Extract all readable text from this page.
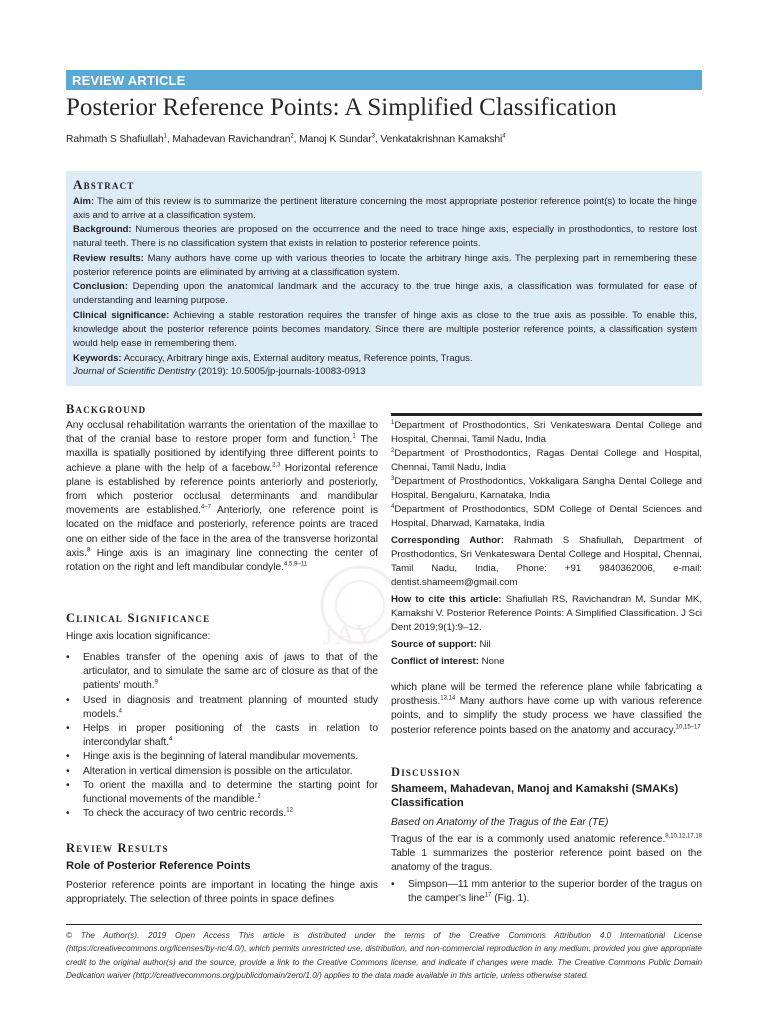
REVIEW ARTICLE
Posterior Reference Points: A Simplified Classification
Rahmath S Shafiullah$^1$, Mahadevan Ravichandran$^2$, Manoj K Sundar$^3$, Venkatakrishnan Kamakshi$^4$
Abstract

Aim: The aim of this review is to summarize the pertinent literature concerning the most appropriate posterior reference point(s) to locate the hinge axis and to arrive at a classification system.

Background: Numerous theories are proposed on the occurrence and the need to trace hinge axis, especially in prosthodontics, to restore lost natural teeth. There is no classification system that exists in relation to posterior reference points.

Review results: Many authors have come up with various theories to locate the arbitrary hinge axis. The perplexing part in remembering these posterior reference points are eliminated by arriving at a classification system.

Conclusion: Depending upon the anatomical landmark and the accuracy to the true hinge axis, a classification was formulated for ease of understanding and learning purpose.

Clinical significance: Achieving a stable restoration requires the transfer of hinge axis as close to the true axis as possible. To enable this, knowledge about the posterior reference points becomes mandatory. Since there are multiple posterior reference points, a classification system would help ease in remembering them.

Keywords: Accuracy, Arbitrary hinge axis, External auditory meatus, Reference points, Tragus.

Journal of Scientific Dentistry (2019): 10.5005/jp-journals-10083-0913

JAY
Background

Any occlusal rehabilitation warrants the orientation of the maxillae to that of the cranial base to restore proper form and function.$^1$ The maxilla is spatially positioned by identifying three different points to achieve a plane with the help of a facebow.$^{2,3}$ Horizontal reference plane is established by reference points anteriorly and posteriorly, from which posterior occlusal determinants and mandibular movements are established.$^{4-7}$ Anteriorly, one reference point is located on the midface and posteriorly, reference points are traced one on either side of the face in the area of the transverse horizontal axis.$^8$ Hinge axis is an imaginary line connecting the center of rotation on the right and left mandibular condyle.$^{4,5,9-11}$

Clinical Significance

Hinge axis location significance:

• Enables transfer of the opening axis of jaws to that of the articulator, and to simulate the same arc of closure as that of the patients' mouth.$^9$
• Used in diagnosis and treatment planning of mounted study models.$^4$
• Helps in proper positioning of the casts in relation to intercondylar shaft.$^4$
• Hinge axis is the beginning of lateral mandibular movements.
• Alteration in vertical dimension is possible on the articulator.
• To orient the maxilla and to determine the starting point for functional movements of the mandible.$^2$
• To check the accuracy of two centric records.$^{12}$
Review Results
Role of Posterior Reference Points

Posterior reference points are important in locating the hinge axis appropriately. The selection of three points in space defines

$^1$Department of Prosthodontics, Sri Venkateswara Dental College and Hospital, Chennai, Tamil Nadu, India

$^2$Department of Prosthodontics, Ragas Dental College and Hospital, Chennai, Tamil Nadu, India

$^3$Department of Prosthodontics, Vokkaligara Sangha Dental College and Hospital, Bengaluru, Karnataka, India

$^4$Department of Prosthodontics, SDM College of Dental Sciences and Hospital, Dharwad, Karnataka, India

Corresponding Author: Rahmath S Shafiullah, Department of Prosthodontics, Sri Venkateswara Dental College and Hospital, Chennai, Tamil Nadu, India, Phone: +91 9840362006, e-mail: dentist.shameem@gmail.com

How to cite this article: Shafiullah RS, Ravichandran M, Sundar MK, Kamakshi V. Posterior Reference Points: A Simplified Classification. J Sci Dent 2019;9(1):9–12.

Source of support: Nil

Conflict of interest: None

which plane will be termed the reference plane while fabricating a prosthesis.$^{13,14}$ Many authors have come up with various reference points, and to simplify the study process we have classified the posterior reference points based on the anatomy and accuracy.$^{10,15-17}$

Discussion
Shameem, Mahadevan, Manoj and Kamakshi (SMAKs) Classification
Based on Anatomy of the Tragus of the Ear (TE)

Tragus of the ear is a commonly used anatomic reference.$^{8,10,12,17,18}$ Table 1 summarizes the posterior reference point based on the anatomy of the tragus.

• Simpson—11 mm anterior to the superior border of the tragus on the camper's line$^{17}$ (Fig. 1).

© The Author(s). 2019 Open Access This article is distributed under the terms of the Creative Commons Attribution 4.0 International License (https://creativecommons.org/licenses/by-nc/4.0/), which permits unrestricted use, distribution, and non-commercial reproduction in any medium, provided you give appropriate credit to the original author(s) and the source, provide a link to the Creative Commons license, and indicate if changes were made. The Creative Commons Public Domain Dedication waiver (http://creativecommons.org/publicdomain/zero/1.0/) applies to the data made available in this article, unless otherwise stated.
